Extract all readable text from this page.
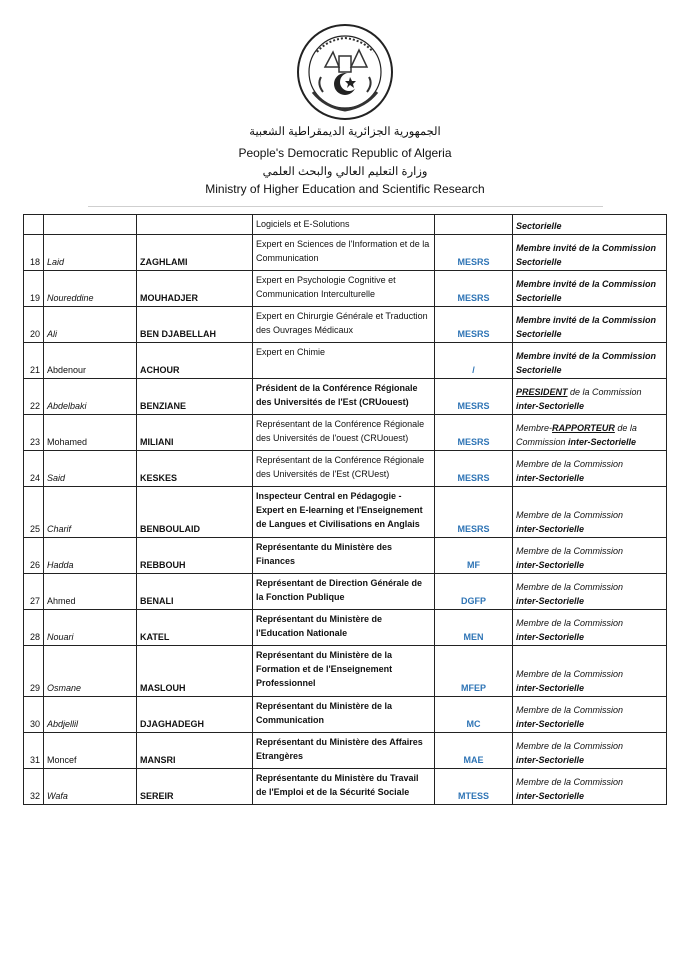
الجمهورية الجزائرية الديمقراطية الشعبية
People's Democratic Republic of Algeria
وزارة التعليم العالي والبحث العلمي
Ministry of Higher Education and Scientific Research
			Logiciels et E-Solutions		Sectorielle
18	Laid	ZAGHLAMI	Expert en Sciences de l'Information et de la Communication	MESRS	Membre invité de la Commission Sectorielle
19	Noureddine	MOUHADJER	Expert en Psychologie Cognitive et Communication Interculturelle	MESRS	Membre invité de la Commission Sectorielle
20	Ali	BEN DJABELLAH	Expert en Chirurgie Générale et Traduction des Ouvrages Médicaux	MESRS	Membre invité de la Commission Sectorielle
21	Abdenour	ACHOUR	Expert en Chimie	/	Membre invité de la Commission Sectorielle
22	Abdelbaki	BENZIANE	Président de la Conférence Régionale des Universités de l'Est (CRUouest)	MESRS	PRESIDENT de la Commission
inter-Sectorielle
23	Mohamed	MILIANI	Représentant de la Conférence Régionale des Universités de l'ouest (CRUouest)	MESRS	Membre-RAPPORTEUR de la Commission inter-Sectorielle
24	Said	KESKES	Représentant de la Conférence Régionale des Universités de l'Est (CRUest)	MESRS	Membre de la Commission
inter-Sectorielle
25	Charif	BENBOULAID	Inspecteur Central en Pédagogie - Expert en E-learning et l'Enseignement de Langues et Civilisations en Anglais	MESRS	Membre de la Commission
inter-Sectorielle
26	Hadda	REBBOUH	Représentante du Ministère des Finances	MF	Membre de la Commission
inter-Sectorielle
27	Ahmed	BENALI	Représentant de Direction Générale de la Fonction Publique	DGFP	Membre de la Commission
inter-Sectorielle
28	Nouari	KATEL	Représentant du Ministère de l'Education Nationale	MEN	Membre de la Commission
inter-Sectorielle
29	Osmane	MASLOUH	Représentant du Ministère de la Formation et de l'Enseignement Professionnel	MFEP	Membre de la Commission
inter-Sectorielle
30	Abdjellil	DJAGHADEGH	Représentant du Ministère de la Communication	MC	Membre de la Commission
inter-Sectorielle
31	Moncef	MANSRI	Représentant du Ministère des Affaires Etrangères	MAE	Membre de la Commission
inter-Sectorielle
32	Wafa	SEREIR	Représentante du Ministère du Travail de l'Emploi et de la Sécurité Sociale	MTESS	Membre de la Commission
inter-Sectorielle
